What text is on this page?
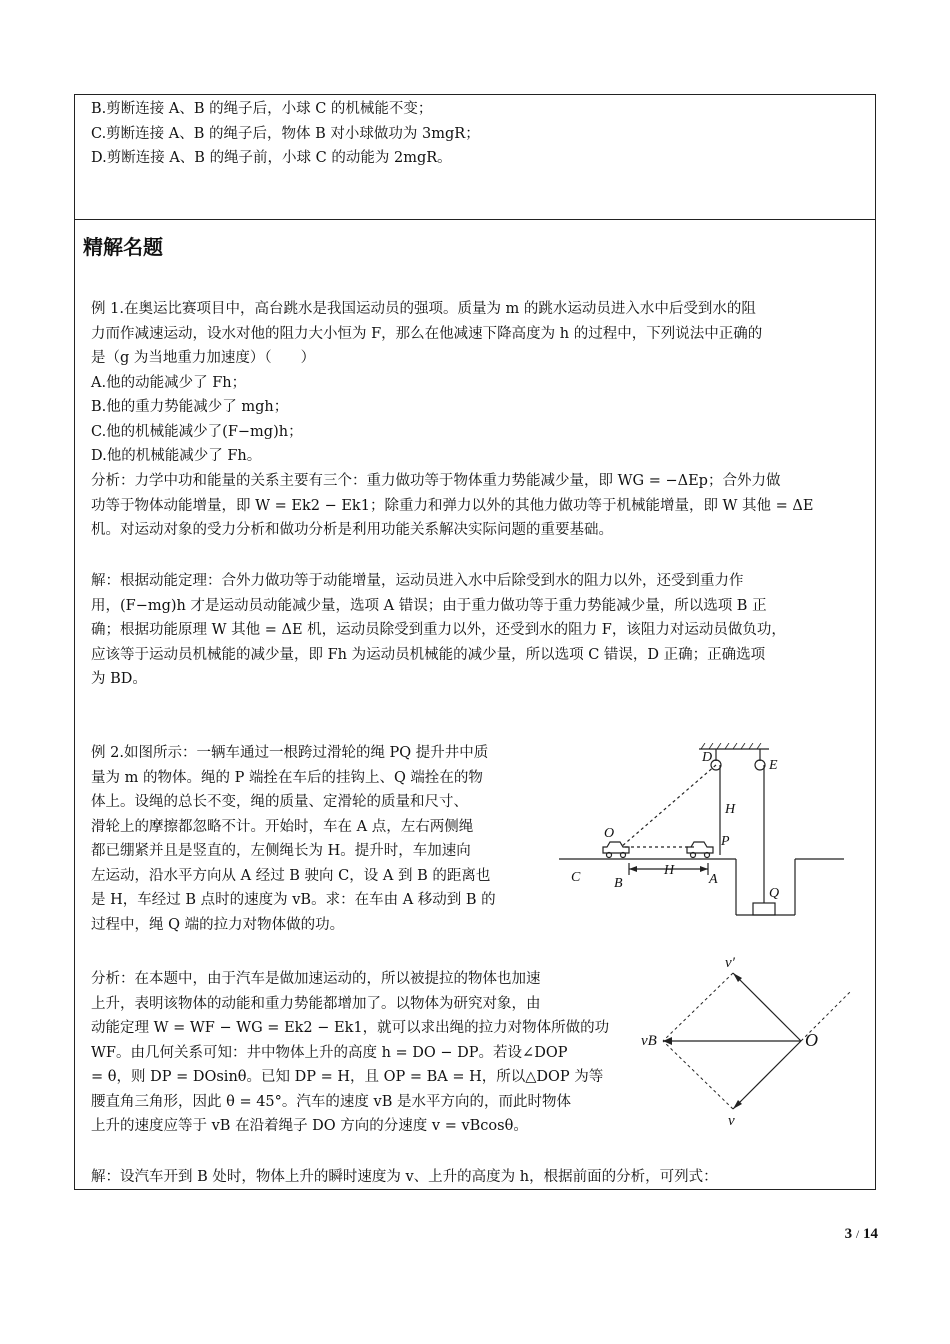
B.剪断连接 A、B 的绳子后，小球 C 的机械能不变；
C.剪断连接 A、B 的绳子后，物体 B 对小球做功为 3mgR；
D.剪断连接 A、B 的绳子前，小球 C 的动能为 2mgR。
精解名题
例 1.在奥运比赛项目中，高台跳水是我国运动员的强项。质量为 m 的跳水运动员进入水中后受到水的阻
力而作减速运动，设水对他的阻力大小恒为 F，那么在他减速下降高度为 h 的过程中，下列说法中正确的
是（g 为当地重力加速度）（　　）
A.他的动能减少了 Fh；
B.他的重力势能减少了 mgh；
C.他的机械能减少了(F−mg)h；
D.他的机械能减少了 Fh。
分析：力学中功和能量的关系主要有三个：重力做功等于物体重力势能减少量，即 WG = −ΔEp；合外力做
功等于物体动能增量，即 W = Ek2 − Ek1；除重力和弹力以外的其他力做功等于机械能增量，即 W 其他 = ΔE
机。对运动对象的受力分析和做功分析是利用功能关系解决实际问题的重要基础。
解：根据动能定理：合外力做功等于动能增量，运动员进入水中后除受到水的阻力以外，还受到重力作
用，(F−mg)h 才是运动员动能减少量，选项 A 错误；由于重力做功等于重力势能减少量，所以选项 B 正
确；根据功能原理 W 其他 = ΔE 机，运动员除受到重力以外，还受到水的阻力 F，该阻力对运动员做负功，
应该等于运动员机械能的减少量，即 Fh 为运动员机械能的减少量，所以选项 C 错误，D 正确；正确选项
为 BD。
例 2.如图所示：一辆车通过一根跨过滑轮的绳 PQ 提升井中质
量为 m 的物体。绳的 P 端拴在车后的挂钩上、Q 端拴在的物
体上。设绳的总长不变，绳的质量、定滑轮的质量和尺寸、
滑轮上的摩擦都忽略不计。开始时，车在 A 点，左右两侧绳
都已绷紧并且是竖直的，左侧绳长为 H。提升时，车加速向
左运动，沿水平方向从 A 经过 B 驶向 C，设 A 到 B 的距离也
是 H，车经过 B 点时的速度为 vB。求：在车由 A 移动到 B 的
过程中，绳 Q 端的拉力对物体做的功。
分析：在本题中，由于汽车是做加速运动的，所以被提拉的物体也加速
上升，表明该物体的动能和重力势能都增加了。以物体为研究对象，由
动能定理 W = WF − WG = Ek2 − Ek1，就可以求出绳的拉力对物体所做的功
WF。由几何关系可知：井中物体上升的高度 h = DO − DP。若设∠DOP
= θ，则 DP = DOsinθ。已知 DP = H，且 OP = BA = H，所以△DOP 为等
腰直角三角形，因此 θ = 45°。汽车的速度 vB 是水平方向的，而此时物体
上升的速度应等于 vB 在沿着绳子 DO 方向的分速度 v = vBcosθ。
解：设汽车开到 B 处时，物体上升的瞬时速度为 v、上升的高度为 h，根据前面的分析，可列式：
D
E
H
P
O
C B
H
A
Q
v′
vB	O
v
3 / 14
